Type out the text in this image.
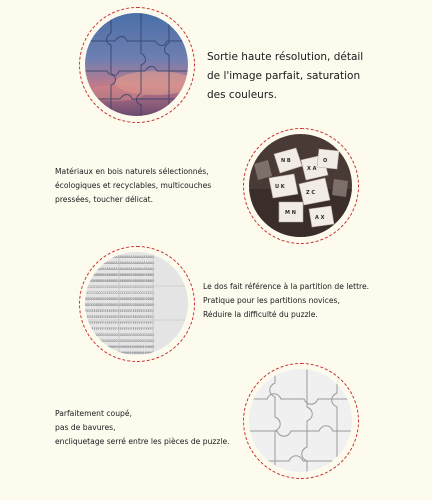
Sortie haute résolution, détail
de l'image parfait, saturation
des couleurs.
N B
X A
U K
Z C
O
M N
A X
Matériaux en bois naturels sélectionnés,
écologiques et recyclables, multicouches
pressées, toucher délicat.
AAAAAAAAAAAAAAAAAAAAAAAAAAAAAAAA
AAAAAAAAAAAAAAAAAAAAAAAAAAAAAAAA
AAAAAAAAAAAAAAAAAAAAAAAAAAAAAAAA
BBBBBBBBBBBBBBBBBBBBBBBBBBBBBBBB
BBBBBBBBBBBBBBBBBBBBBBBBBBBBBBBB
CCCCCCCCCCCCCCCCCCCCCCCCCCCCCCCC
CCCCCCCCCCCCCCCCCCCCCCCCCCCCCCCC
DDDDDDDDDDDDDDDDDDDDDDDDDDDDDDDD
DDDDDDDDDDDDDDDDDDDDDDDDDDDDDDDD
EEEEEEEEEEEEEEEEEEEEEEEEEEEEEEEE
EEEEEEEEEEEEEEEEEEEEEEEEEEEEEEEE
FFFFFFFFFFFFFFFFFFFFFFFFFFFFFFFF
FFFFFFFFFFFFFFFFFFFFFFFFFFFFFFFF
GGGGGGGGGGGGGGGGGGGGGGGGGGGGGGGG
GGGGGGGGGGGGGGGGGGGGGGGGGGGGGGGG
HHHHHHHHHHHHHHHHHHHHHHHHHHHHHHHH
HHHHHHHHHHHHHHHHHHHHHHHHHHHHHHHH
Le dos fait référence à la partition de lettre.
Pratique pour les partitions novices,
Réduire la difficulté du puzzle.
Parfaitement coupé,
pas de bavures,
encliquetage serré entre les pièces de puzzle.
